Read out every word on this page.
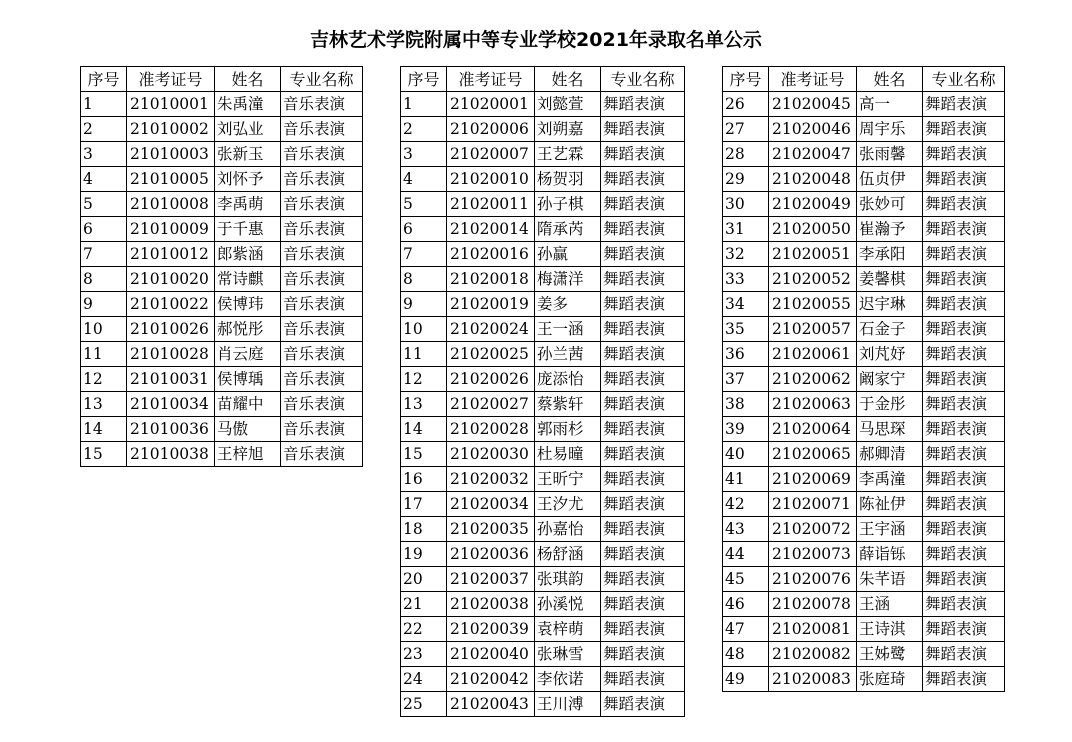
吉林艺术学院附属中等专业学校2021年录取名单公示
序号	准考证号	姓名	专业名称
1	21010001	朱禹潼	音乐表演
2	21010002	刘弘业	音乐表演
3	21010003	张新玉	音乐表演
4	21010005	刘怀予	音乐表演
5	21010008	李禹萌	音乐表演
6	21010009	于千惠	音乐表演
7	21010012	郎紫涵	音乐表演
8	21010020	常诗麒	音乐表演
9	21010022	侯博玮	音乐表演
10	21010026	郝悦彤	音乐表演
11	21010028	肖云庭	音乐表演
12	21010031	侯博瑀	音乐表演
13	21010034	苗耀中	音乐表演
14	21010036	马傲	音乐表演
15	21010038	王梓旭	音乐表演
序号	准考证号	姓名	专业名称
1	21020001	刘懿萱	舞蹈表演
2	21020006	刘朔嘉	舞蹈表演
3	21020007	王艺霖	舞蹈表演
4	21020010	杨贺羽	舞蹈表演
5	21020011	孙子棋	舞蹈表演
6	21020014	隋承芮	舞蹈表演
7	21020016	孙赢	舞蹈表演
8	21020018	梅潇洋	舞蹈表演
9	21020019	姜多	舞蹈表演
10	21020024	王一涵	舞蹈表演
11	21020025	孙兰茜	舞蹈表演
12	21020026	庞添怡	舞蹈表演
13	21020027	蔡紫轩	舞蹈表演
14	21020028	郭雨杉	舞蹈表演
15	21020030	杜易曈	舞蹈表演
16	21020032	王昕宁	舞蹈表演
17	21020034	王汐尤	舞蹈表演
18	21020035	孙嘉怡	舞蹈表演
19	21020036	杨舒涵	舞蹈表演
20	21020037	张琪韵	舞蹈表演
21	21020038	孙溪悦	舞蹈表演
22	21020039	袁梓萌	舞蹈表演
23	21020040	张琳雪	舞蹈表演
24	21020042	李依诺	舞蹈表演
25	21020043	王川溥	舞蹈表演
序号	准考证号	姓名	专业名称
26	21020045	高一	舞蹈表演
27	21020046	周宇乐	舞蹈表演
28	21020047	张雨馨	舞蹈表演
29	21020048	伍贞伊	舞蹈表演
30	21020049	张妙可	舞蹈表演
31	21020050	崔瀚予	舞蹈表演
32	21020051	李承阳	舞蹈表演
33	21020052	姜馨棋	舞蹈表演
34	21020055	迟宇琳	舞蹈表演
35	21020057	石金子	舞蹈表演
36	21020061	刘芃妤	舞蹈表演
37	21020062	阚家宁	舞蹈表演
38	21020063	于金彤	舞蹈表演
39	21020064	马思琛	舞蹈表演
40	21020065	郝卿清	舞蹈表演
41	21020069	李禹潼	舞蹈表演
42	21020071	陈祉伊	舞蹈表演
43	21020072	王宇涵	舞蹈表演
44	21020073	薛诣铄	舞蹈表演
45	21020076	朱芊语	舞蹈表演
46	21020078	王涵	舞蹈表演
47	21020081	王诗淇	舞蹈表演
48	21020082	王姊鹭	舞蹈表演
49	21020083	张庭琦	舞蹈表演
